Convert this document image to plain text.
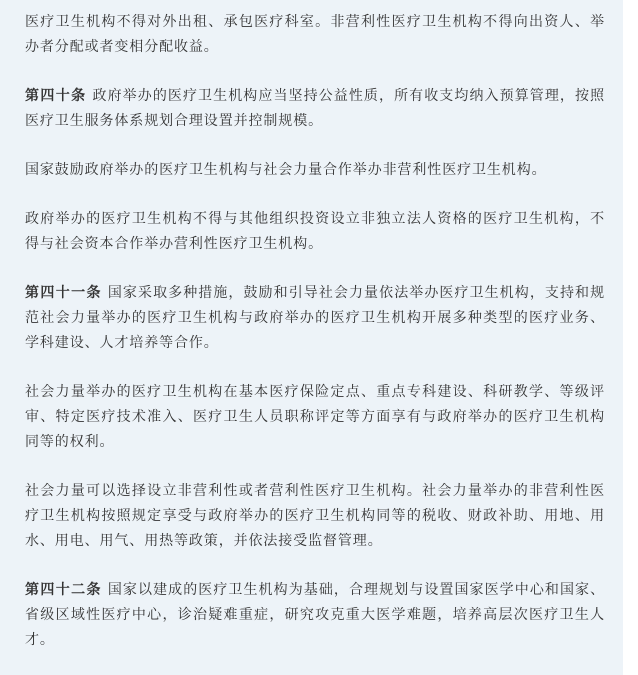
医疗卫生机构不得对外出租、承包医疗科室。非营利性医疗卫生机构不得向出资人、举办者分配或者变相分配收益。

第四十条 政府举办的医疗卫生机构应当坚持公益性质，所有收支均纳入预算管理，按照医疗卫生服务体系规划合理设置并控制规模。

国家鼓励政府举办的医疗卫生机构与社会力量合作举办非营利性医疗卫生机构。

政府举办的医疗卫生机构不得与其他组织投资设立非独立法人资格的医疗卫生机构，不得与社会资本合作举办营利性医疗卫生机构。

第四十一条 国家采取多种措施，鼓励和引导社会力量依法举办医疗卫生机构，支持和规范社会力量举办的医疗卫生机构与政府举办的医疗卫生机构开展多种类型的医疗业务、学科建设、人才培养等合作。

社会力量举办的医疗卫生机构在基本医疗保险定点、重点专科建设、科研教学、等级评审、特定医疗技术准入、医疗卫生人员职称评定等方面享有与政府举办的医疗卫生机构同等的权利。

社会力量可以选择设立非营利性或者营利性医疗卫生机构。社会力量举办的非营利性医疗卫生机构按照规定享受与政府举办的医疗卫生机构同等的税收、财政补助、用地、用水、用电、用气、用热等政策，并依法接受监督管理。

第四十二条 国家以建成的医疗卫生机构为基础，合理规划与设置国家医学中心和国家、省级区域性医疗中心，诊治疑难重症，研究攻克重大医学难题，培养高层次医疗卫生人才。
